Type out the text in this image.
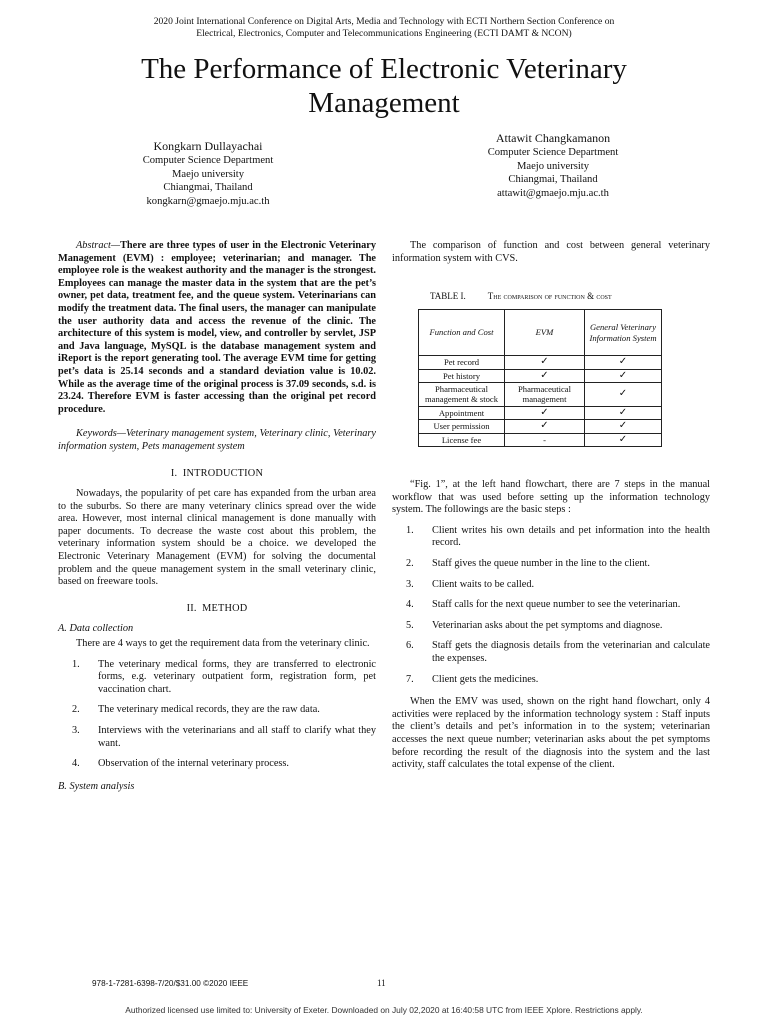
2020 Joint International Conference on Digital Arts, Media and Technology with ECTI Northern Section Conference on
Electrical, Electronics, Computer and Telecommunications Engineering (ECTI DAMT & NCON)
The Performance of Electronic Veterinary
Management
Kongkarn Dullayachai
Computer Science Department
Maejo university
Chiangmai, Thailand
kongkarn@gmaejo.mju.ac.th
Attawit Changkamanon
Computer Science Department
Maejo university
Chiangmai, Thailand
attawit@gmaejo.mju.ac.th

Abstract—There are three types of user in the Electronic Veterinary Management (EVM) : employee; veterinarian; and manager. The employee role is the weakest authority and the manager is the strongest. Employees can manage the master data in the system that are the pet’s owner, pet data, treatment fee, and the queue system. Veterinarians can modify the treatment data. The final users, the manager can manipulate the user authority data and access the revenue of the clinic. The architecture of this system is model, view, and controller by servlet, JSP and Java language, MySQL is the database management system and iReport is the report generating tool. The average EVM time for getting pet’s data is 25.14 seconds and a standard deviation value is 10.02. While as the average time of the original process is 37.09 seconds, s.d. is 23.24. Therefore EVM is faster accessing than the original pet record procedure.

Keywords—Veterinary management system, Veterinary clinic, Veterinary information system, Pets management system

I. INTRODUCTION

Nowadays, the popularity of pet care has expanded from the urban area to the suburbs. So there are many veterinary clinics spread over the wide area. However, most internal clinical management is done manually with paper documents. To decrease the waste cost about this problem, the veterinary information system should be a choice. we developed the Electronic Veterinary Management (EVM) for solving the documental problem and the queue management system in the small veterinary clinic, based on freeware tools.

II. METHOD
A. Data collection

There are 4 ways to get the requirement data from the veterinary clinic.

1. The veterinary medical forms, they are transferred to electronic forms, e.g. veterinary outpatient form, registration form, pet vaccination chart.
2. The veterinary medical records, they are the raw data.
3. Interviews with the veterinarians and all staff to clarify what they want.
4. Observation of the internal veterinary process.
B. System analysis

The comparison of function and cost between general veterinary information system with CVS.

TABLE I. The comparison of function & cost
Function and Cost	EVM	General Veterinary Information System
Pet record	✓	✓
Pet history	✓	✓
Pharmaceutical management & stock	Pharmaceutical management	✓
Appointment	✓	✓
User permission	✓	✓
License fee	-	✓

“Fig. 1”, at the left hand flowchart, there are 7 steps in the manual workflow that was used before setting up the information technology system. The followings are the basic steps :

1. Client writes his own details and pet information into the health record.
2. Staff gives the queue number in the line to the client.
3. Client waits to be called.
4. Staff calls for the next queue number to see the veterinarian.
5. Veterinarian asks about the pet symptoms and diagnose.
6. Staff gets the diagnosis details from the veterinarian and calculate the expenses.
7. Client gets the medicines.

When the EMV was used, shown on the right hand flowchart, only 4 activities were replaced by the information technology system : Staff inputs the client’s details and pet’s information in to the system; veterinarian accesses the next queue number; veterinarian asks about the pet symptoms before recording the result of the diagnosis into the system and the last activity, staff calculates the total expense of the client.

978-1-7281-6398-7/20/$31.00 ©2020 IEEE	11
Authorized licensed use limited to: University of Exeter. Downloaded on July 02,2020 at 16:40:58 UTC from IEEE Xplore. Restrictions apply.
